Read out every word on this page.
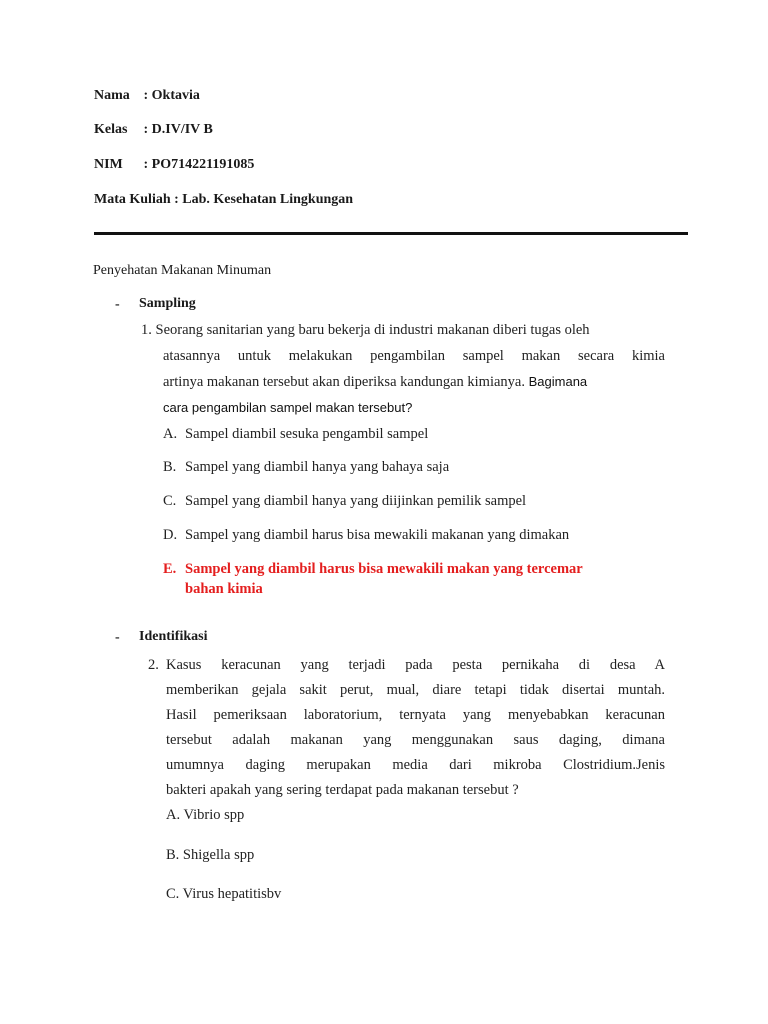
Nama : Oktavia
Kelas : D.IV/IV B
NIM : PO714221191085
Mata Kuliah : Lab. Kesehatan Lingkungan
Penyehatan Makanan Minuman
- Sampling
1. Seorang sanitarian yang baru bekerja di industri makanan diberi tugas oleh
atasannya untuk melakukan pengambilan sampel makan secara kimia
artinya makanan tersebut akan diperiksa kandungan kimianya. Bagimana
cara pengambilan sampel makan tersebut?
A. Sampel diambil sesuka pengambil sampel
B. Sampel yang diambil hanya yang bahaya saja
C. Sampel yang diambil hanya yang diijinkan pemilik sampel
D. Sampel yang diambil harus bisa mewakili makanan yang dimakan
E. Sampel yang diambil harus bisa mewakili makan yang tercemar
bahan kimia
- Identifikasi
2. Kasus keracunan yang terjadi pada pesta pernikaha di desa A
memberikan gejala sakit perut, mual, diare tetapi tidak disertai muntah.
Hasil pemeriksaan laboratorium, ternyata yang menyebabkan keracunan
tersebut adalah makanan yang menggunakan saus daging, dimana
umumnya daging merupakan media dari mikroba Clostridium.Jenis
bakteri apakah yang sering terdapat pada makanan tersebut ?
A. Vibrio spp
B. Shigella spp
C. Virus hepatitisbv
